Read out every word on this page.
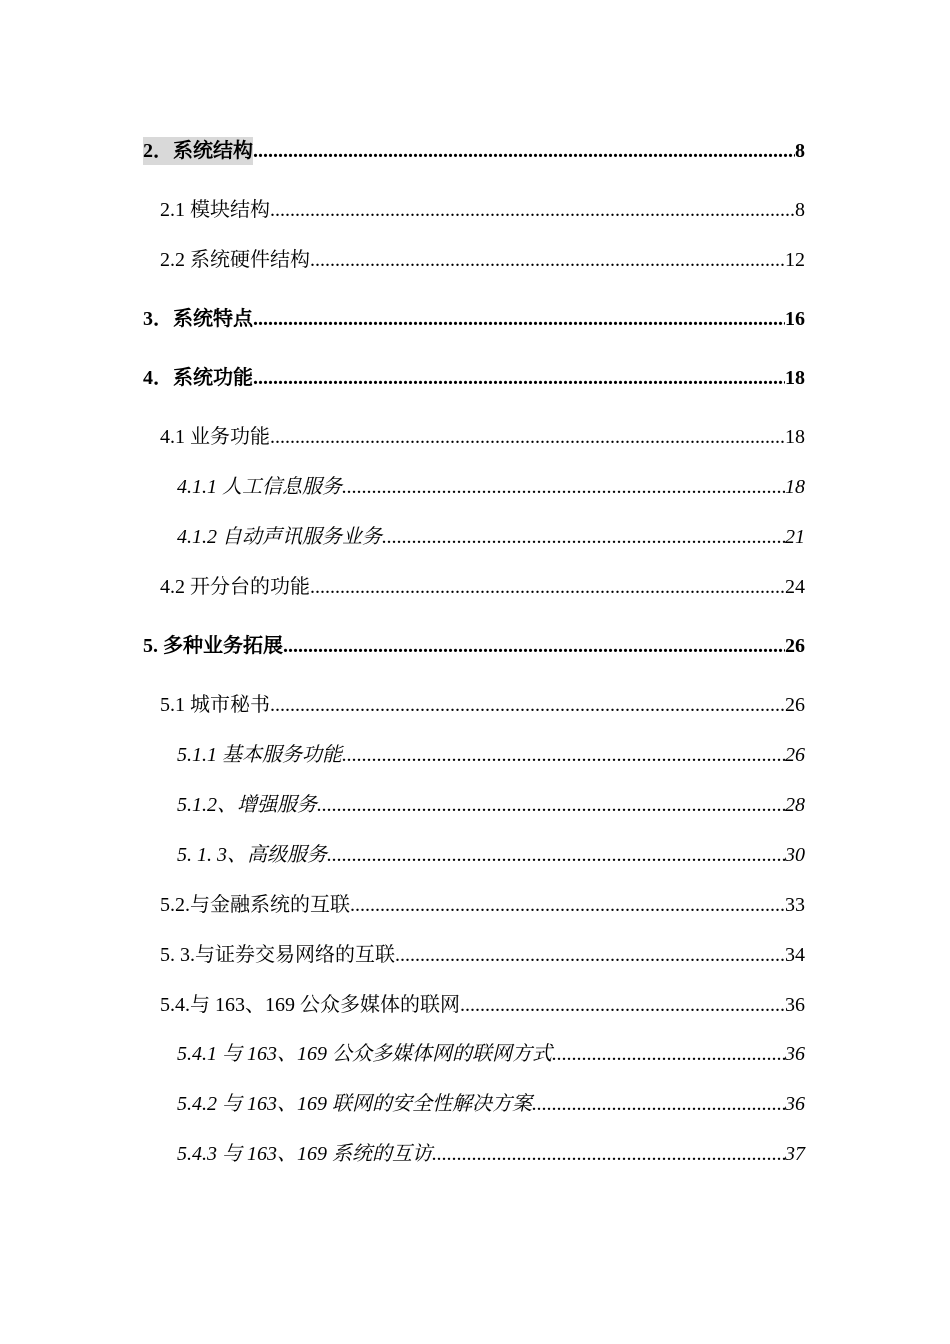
2．系统结构 .....	8
2.1 模块结构 .....	8
2.2 系统硬件结构 .....	12
3．系统特点 .....	16
4．系统功能 .....	18
4.1 业务功能 .....	18
4.1.1 人工信息服务 .....	18
4.1.2 自动声讯服务业务 .....	21
4.2 开分台的功能 .....	24
5. 多种业务拓展 .....	26
5.1 城市秘书 .....	26
5.1.1 基本服务功能 .....	26
5.1.2、增强服务 .....	28
5. 1. 3、高级服务 .....	30
5.2.与金融系统的互联 .....	33
5. 3.与证券交易网络的互联 .....	34
5.4.与 163、169 公众多媒体的联网 .....	36
5.4.1 与 163、169 公众多媒体网的联网方式 .....	36
5.4.2 与 163、169 联网的安全性解决方案 .....	36
5.4.3 与 163、169 系统的互访 .....	37
